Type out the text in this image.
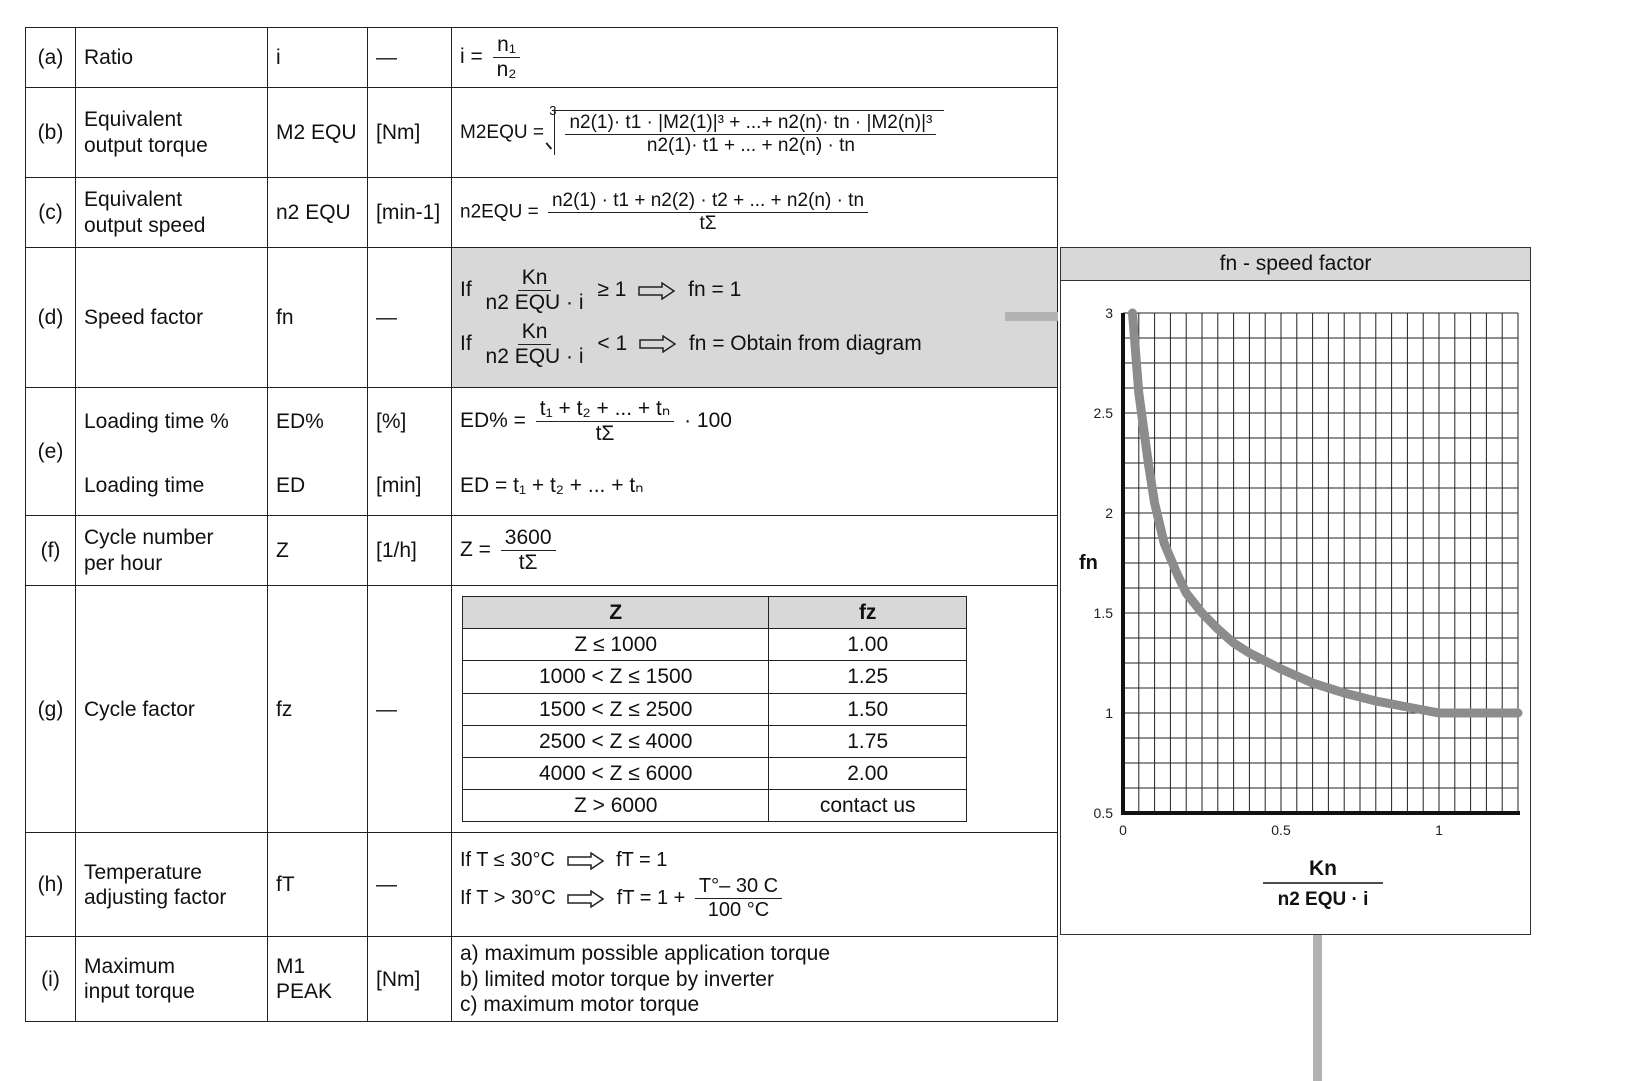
(a)	Ratio	i	—	$i = \frac{\text{n₁}}{\text{n₂}}$

(b)	
Equivalent
output torque
	M2 EQU	[Nm]	M2EQU =
3
$\frac{\text{n2(1)· t1 · |M2(1)|³ + ...+ n2(n)· tn · |M2(n)|³}}{n2(1)\cdot t1 + ... + n2(n) \cdot tn}$

(c)	
Equivalent
output speed
	n2 EQU	[min-1]	$n2EQU = \frac{n2(1) \cdot t1 + n2(2) \cdot t2 + ... + n2(n) \cdot tn}{t\Sigma}$

(d)	Speed factor	fn	—	
If $\frac{Kn}{\text{n2 EQU · i}} \ge 1$	fn = 1
If $\frac{Kn}{\text{n2 EQU · i}} < 1$	fn = Obtain from diagram

(e)	Loading time %	ED%	[%]	$ED\% = \frac{\text{t₁ + t₂ + ... + tₙ}}{t\Sigma} \cdot 100$
Loading time	ED	[min]	ED = t₁ + t₂ + ... + tₙ
(f)	
Cycle number
per hour
	Z	[1/h]	$Z = \frac{3600}{t\Sigma}$

(g)	Cycle factor	fz	—	
Z	fz
Z ≤ 1000	1.00
1000 < Z ≤ 1500	1.25
1500 < Z ≤ 2500	1.50
2500 < Z ≤ 4000	1.75
4000 < Z ≤ 6000	2.00
Z > 6000	contact us

(h)	
Temperature
adjusting factor
	fT	—	
If T ≤ 30°C	fT = 1
If T > 30°C	fT = $1 + \frac{T^\circ- 30 C}{100 ^\circ C}$

(i)	
Maximum
input torque
	M1 PEAK	[Nm]	
a) maximum possible application torque
b) limited motor torque by inverter
c) maximum motor torque
fn - speed factor
0.5
1
1.5
2
2.5
3
0	0.5	1
fn
Kn
n2 EQU · i
